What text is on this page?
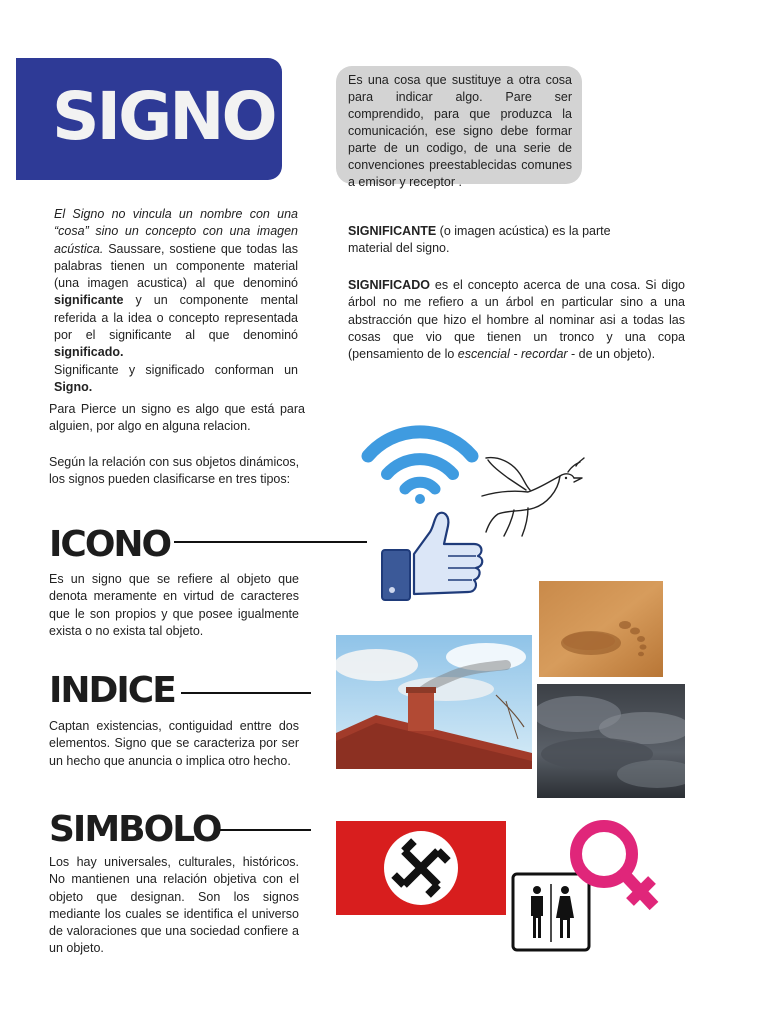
SIGNO	Es una cosa que sustituye a otra cosa para indicar algo. Pare ser comprendido, para que produzca la comunicación, ese signo debe formar parte de un codigo, de una serie de convenciones preestablecidas comunes a emisor y receptor .

El Signo no vincula un nombre con una “cosa” sino un concepto con una imagen acústica. Saussare, sostiene que todas las palabras tienen un componente material (una imagen acustica) al que denominó significante y un componente mental referida a la idea o concepto representada por el significante al que denominó significado.

Significante y significado conforman un Signo.

Para Pierce un signo es algo que está para alguien, por algo en alguna relacion.

Según la relación con sus objetos dinámicos, los signos pueden clasificarse en tres tipos:

SIGNIFICANTE (o imagen acústica) es la parte material del signo.

SIGNIFICADO es el concepto acerca de una cosa. Si digo árbol no me refiero a un árbol en particular sino a una abstracción que hizo el hombre al nominar asi a todas las cosas que vio que tienen un tronco y una copa (pensamiento de lo escencial - recordar - de un objeto).

ICONO

Es un signo que se refiere al objeto que denota meramente en virtud de caracteres que le son propios y que posee igualmente exista o no exista tal objeto.

INDICE

Captan existencias, contiguidad enttre dos elementos. Signo que se caracteriza por ser un hecho que anuncia o implica otro hecho.

SIMBOLO

Los hay universales, culturales, históricos. No mantienen una relación objetiva con el objeto que designan. Son los signos mediante los cuales se identifica el universo de valoraciones que una sociedad confiere a un objeto.
